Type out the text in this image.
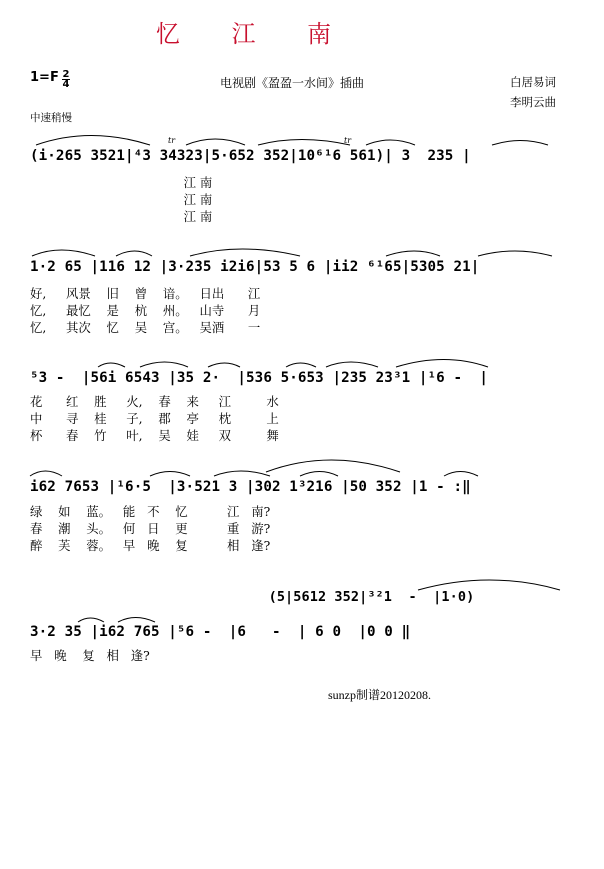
忆 江 南
1=F 2
4	电视剧《盈盈一水间》插曲	白居易词
李明云曲
中速稍慢
(i·265 3521|⁴3 34323|5·652 352|10⁶¹6 561)| 3  235 |
江 南
江 南
江 南
1·2 65 |116 12 |3·235 i2i6|53 5 6 |ii2 ⁶¹65|5305 21|
好,     风景    旧    曾    谙。   日出      江
忆,     最忆    是    杭    州。   山寺      月
忆,     其次    忆    吴    宫。   吴酒      一
⁵3 -  |56i 6543 |35 2·  |536 5·653 |235 23³1 |¹6 -  |
花      红    胜     火,    春    来     江         水
中      寻    桂     子,    郡    亭     枕         上
杯      春    竹     叶,    吴    娃     双         舞
i62 7653 |¹6·5  |3·521 3 |302 1³216 |50 352 |1 - :‖
绿    如    蓝。   能   不    忆          江   南?
春    潮    头。   何   日    更          重   游?
醉    芙    蓉。   早   晚    复          相   逢?
(5|5612 352|³²1  -  |1·0)
3·2 35 |i62 765 |⁵6 -  |6   -  | 6 0  |0 0 ‖
早   晚    复   相   逢?
sunzp制谱20120208.
tr	tr
